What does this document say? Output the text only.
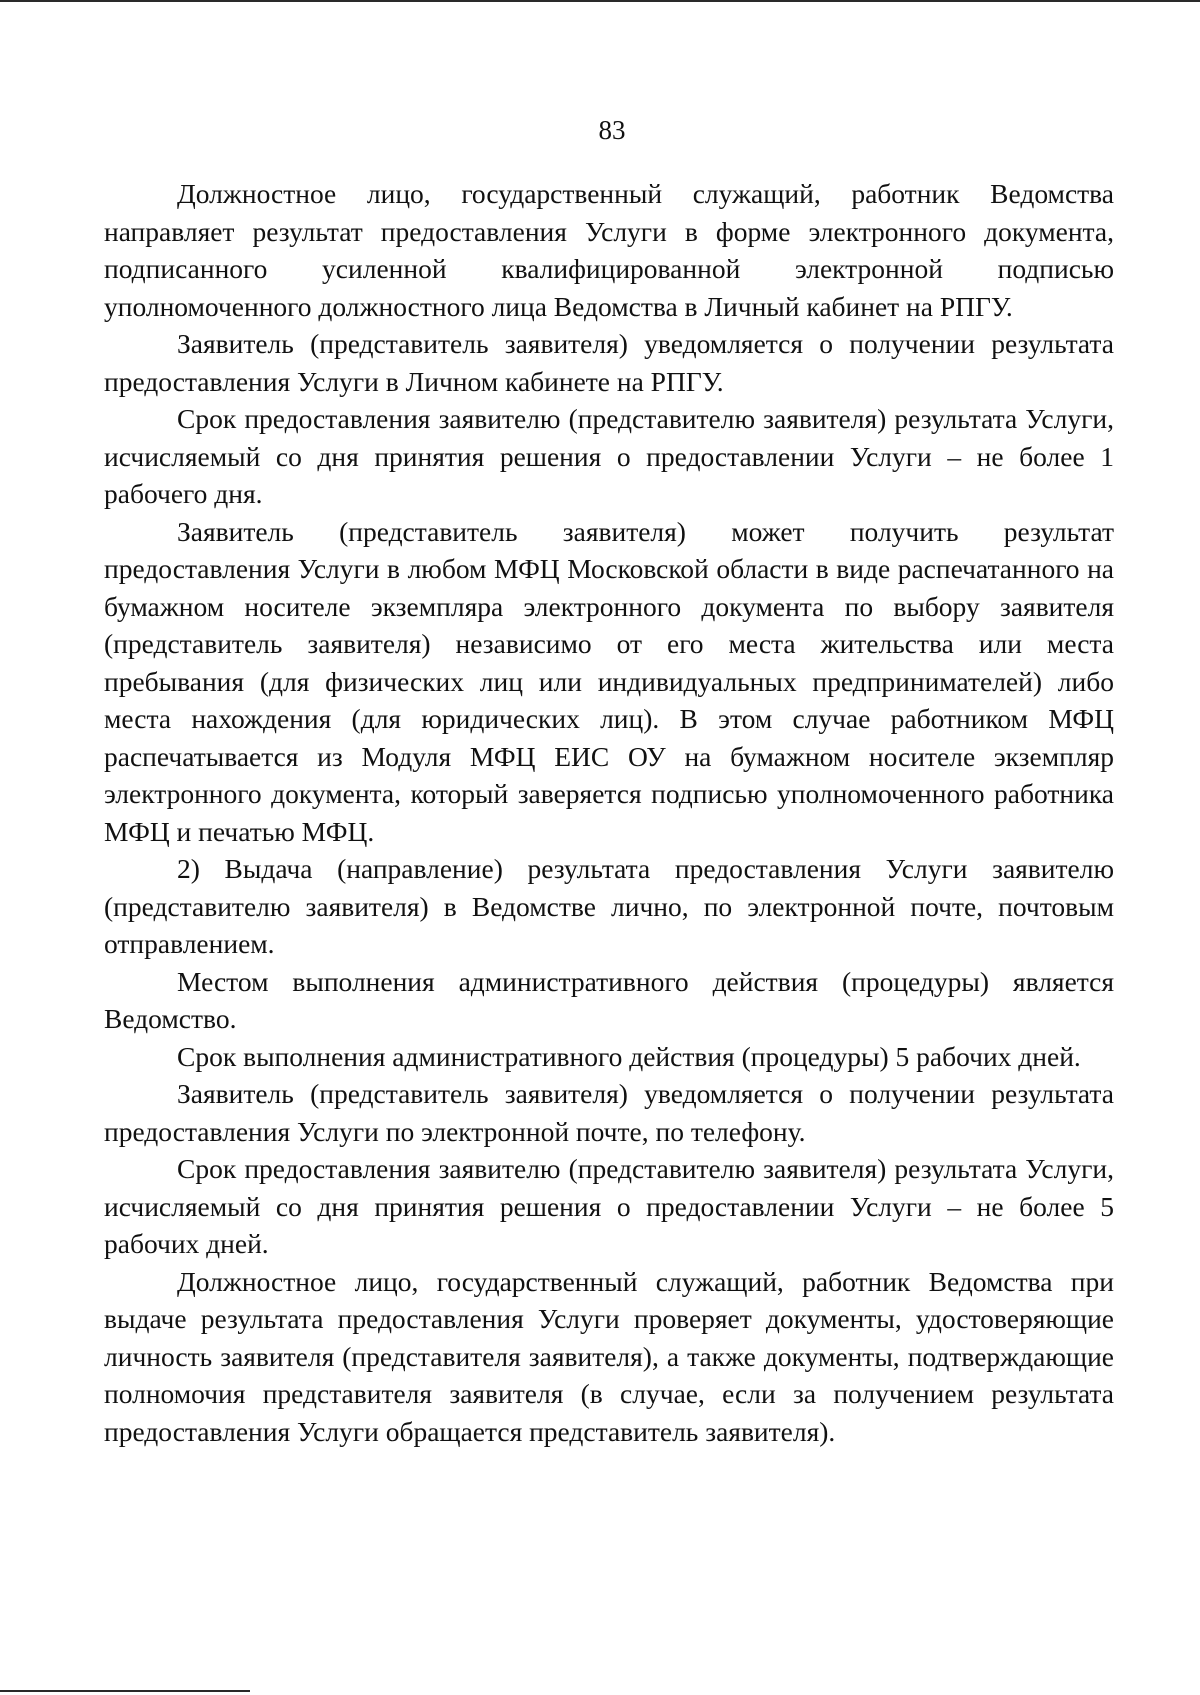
83

Должностное лицо, государственный служащий, работник Ведомства направляет результат предоставления Услуги в форме электронного документа, подписанного усиленной квалифицированной электронной подписью уполномоченного должностного лица Ведомства в Личный кабинет на РПГУ.

Заявитель (представитель заявителя) уведомляется о получении результата предоставления Услуги в Личном кабинете на РПГУ.

Срок предоставления заявителю (представителю заявителя) результата Услуги, исчисляемый со дня принятия решения о предоставлении Услуги – не более 1 рабочего дня.

Заявитель (представитель заявителя) может получить результат предоставления Услуги в любом МФЦ Московской области в виде распечатанного на бумажном носителе экземпляра электронного документа по выбору заявителя (представитель заявителя) независимо от его места жительства или места пребывания (для физических лиц или индивидуальных предпринимателей) либо места нахождения (для юридических лиц). В этом случае работником МФЦ распечатывается из Модуля МФЦ ЕИС ОУ на бумажном носителе экземпляр электронного документа, который заверяется подписью уполномоченного работника МФЦ и печатью МФЦ.

2) Выдача (направление) результата предоставления Услуги заявителю (представителю заявителя) в Ведомстве лично, по электронной почте, почтовым отправлением.

Местом выполнения административного действия (процедуры) является Ведомство.

Срок выполнения административного действия (процедуры) 5 рабочих дней.

Заявитель (представитель заявителя) уведомляется о получении результата предоставления Услуги по электронной почте, по телефону.

Срок предоставления заявителю (представителю заявителя) результата Услуги, исчисляемый со дня принятия решения о предоставлении Услуги – не более 5 рабочих дней.

Должностное лицо, государственный служащий, работник Ведомства при выдаче результата предоставления Услуги проверяет документы, удостоверяющие личность заявителя (представителя заявителя), а также документы, подтверждающие полномочия представителя заявителя (в случае, если за получением результата предоставления Услуги обращается представитель заявителя).
